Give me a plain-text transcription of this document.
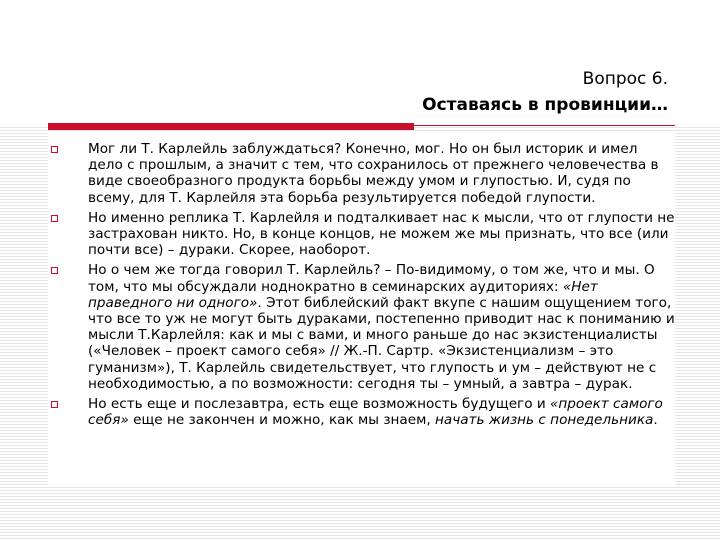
Вопрос 6.
Оставаясь в провинции…
Мог ли Т. Карлейль заблуждаться? Конечно, мог. Но он был историк и имел дело с прошлым, а значит с тем, что сохранилось от прежнего человечества в виде своеобразного продукта борьбы между умом и глупостью. И, судя по всему, для Т. Карлейля эта борьба результируется победой глупости.
Но именно реплика Т. Карлейля и подталкивает нас к мысли, что от глупости не застрахован никто. Но, в конце концов, не можем же мы признать, что все (или почти все) – дураки. Скорее, наоборот.
Но о чем же тогда говорил Т. Карлейль? – По-видимому, о том же, что и мы. О том, что мы обсуждали ноднократно в семинарских аудиториях: «Нет праведного ни одного». Этот библейский факт вкупе с нашим ощущением того, что все то уж не могут быть дураками, постепенно приводит нас к пониманию и мысли Т.Карлейля: как и мы с вами, и много раньше до нас экзистенциалисты («Человек – проект самого себя» // Ж.-П. Сартр. «Экзистенциализм – это гуманизм»), Т. Карлейль свидетельствует, что глупость и ум – действуют не с необходимостью, а по возможности: сегодня ты – умный, а завтра – дурак.
Но есть еще и послезавтра, есть еще возможность будущего и «проект самого себя» еще не закончен и можно, как мы знаем, начать жизнь с понедельника.
